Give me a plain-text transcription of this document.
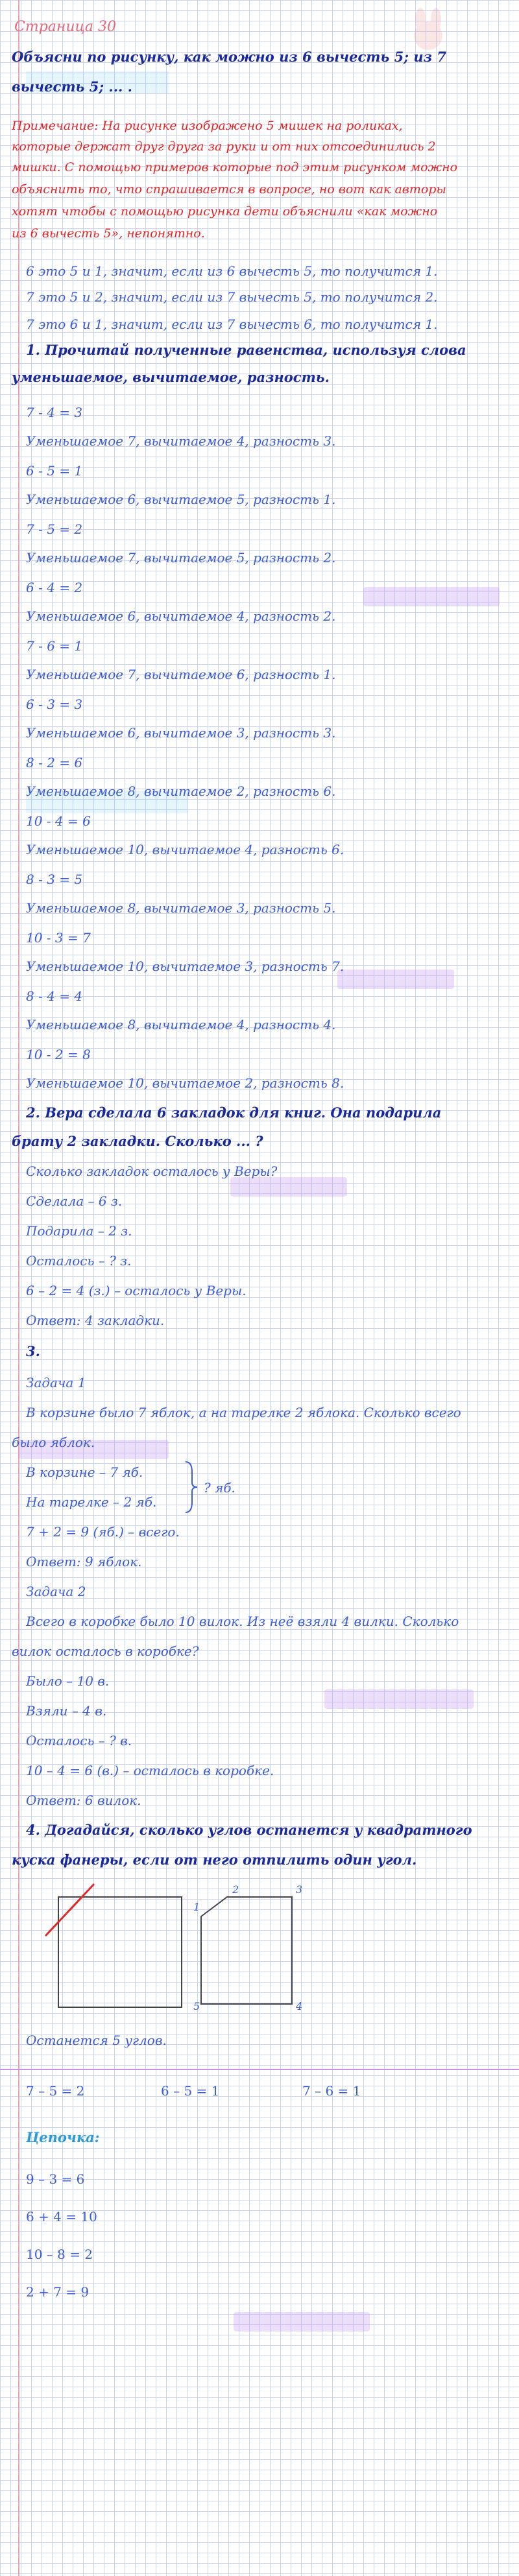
Страница 30
Объясни по рисунку, как можно из 6 вычесть 5; из 7
вычесть 5; ... .
Примечание: На рисунке изображено 5 мишек на роликах,
которые держат друг друга за руки и от них отсоединились 2
мишки. С помощью примеров которые под этим рисунком можно
объяснить то, что спрашивается в вопросе, но вот как авторы
хотят чтобы с помощью рисунка дети объяснили «как можно
из 6 вычесть 5», непонятно.
6 это 5 и 1, значит, если из 6 вычесть 5, то получится 1.
7 это 5 и 2, значит, если из 7 вычесть 5, то получится 2.
7 это 6 и 1, значит, если из 7 вычесть 6, то получится 1.
1. Прочитай полученные равенства, используя слова
уменьшаемое, вычитаемое, разность.
7 - 4 = 3
Уменьшаемое 7, вычитаемое 4, разность 3.
6 - 5 = 1
Уменьшаемое 6, вычитаемое 5, разность 1.
7 - 5 = 2
Уменьшаемое 7, вычитаемое 5, разность 2.
6 - 4 = 2
Уменьшаемое 6, вычитаемое 4, разность 2.
7 - 6 = 1
Уменьшаемое 7, вычитаемое 6, разность 1.
6 - 3 = 3
Уменьшаемое 6, вычитаемое 3, разность 3.
8 - 2 = 6
Уменьшаемое 8, вычитаемое 2, разность 6.
10 - 4 = 6
Уменьшаемое 10, вычитаемое 4, разность 6.
8 - 3 = 5
Уменьшаемое 8, вычитаемое 3, разность 5.
10 - 3 = 7
Уменьшаемое 10, вычитаемое 3, разность 7.
8 - 4 = 4
Уменьшаемое 8, вычитаемое 4, разность 4.
10 - 2 = 8
Уменьшаемое 10, вычитаемое 2, разность 8.
2. Вера сделала 6 закладок для книг. Она подарила
брату 2 закладки. Сколько ... ?
Сколько закладок осталось у Веры?
Сделала – 6 з.
Подарила – 2 з.
Осталось – ? з.
6 – 2 = 4 (з.) – осталось у Веры.
Ответ: 4 закладки.
3.
Задача 1
В корзине было 7 яблок, а на тарелке 2 яблока. Сколько всего
было яблок.
В корзине – 7 яб.
На тарелке – 2 яб.
? яб.
7 + 2 = 9 (яб.) – всего.
Ответ: 9 яблок.
Задача 2
Всего в коробке было 10 вилок. Из неё взяли 4 вилки. Сколько
вилок осталось в коробке?
Было – 10 в.
Взяли – 4 в.
Осталось – ? в.
10 – 4 = 6 (в.) – осталось в коробке.
Ответ: 6 вилок.
4. Догадайся, сколько углов останется у квадратного
куска фанеры, если от него отпилить один угол.
1
2	3
4
5
Останется 5 углов.
7 – 5 = 2	6 – 5 = 1	7 – 6 = 1
Цепочка:
9 – 3 = 6
6 + 4 = 10
10 – 8 = 2
2 + 7 = 9
